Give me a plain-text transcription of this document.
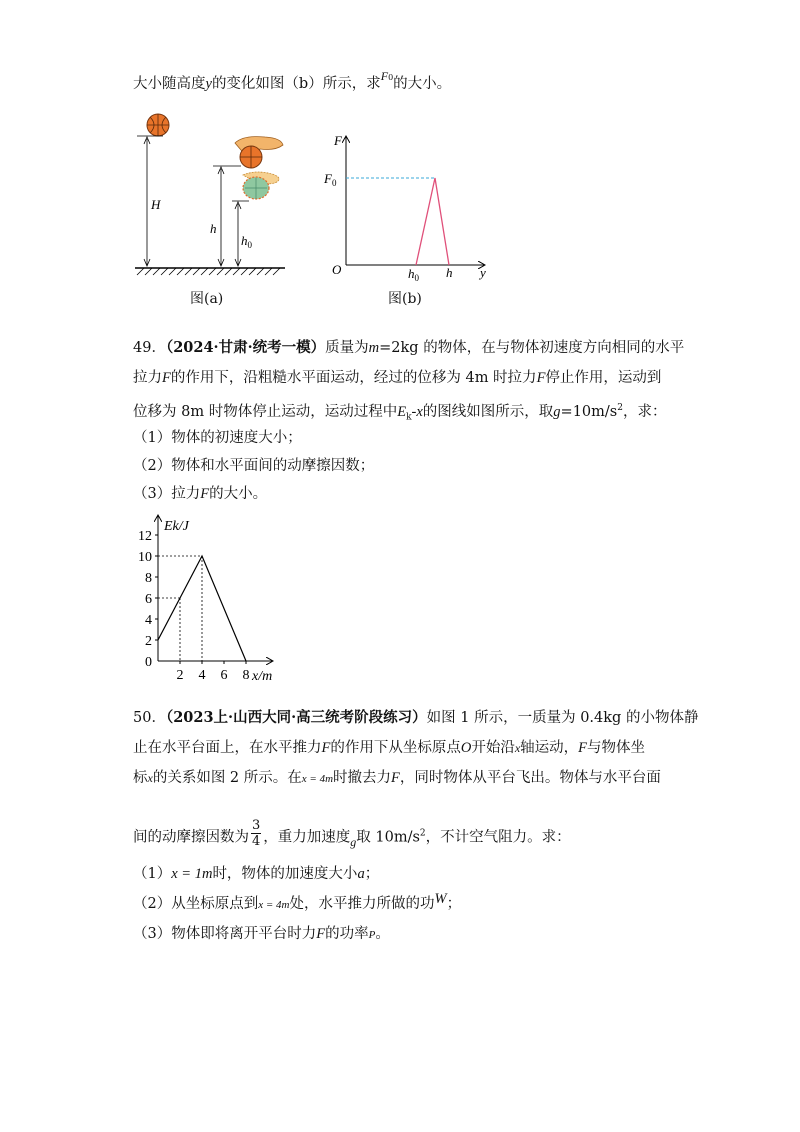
大小随高度y的变化如图（b）所示，求$^{F0}$的大小。
H
h
$h_0$
图(a)
F
y
O
$F_0$
$h_0$ h
图(b)
49．（2024·甘肃·统考一模）质量为m=2kg 的物体，在与物体初速度方向相同的水平
拉力F的作用下，沿粗糙水平面运动，经过的位移为 4m 时拉力F停止作用，运动到
位移为 8m 时物体停止运动，运动过程中$E_k-x$的图线如图所示，取$g=10m/s^2$，求：
（1）物体的初速度大小；
（2）物体和水平面间的动摩擦因数；
（3）拉力F的大小。
Ek/J
x/m
0
2
4
6
8
10
12
2 4 6 8
50．（2023上·山西大同·高三统考阶段练习）如图 1 所示，一质量为 0.4kg 的小物体静
止在水平台面上，在水平推力F的作用下从坐标原点O开始沿x轴运动，F与物体坐
标x的关系如图 2 所示。在x = 4m时撤去力F，同时物体从平台飞出。物体与水平台面
间的动摩擦因数为 $\frac{3}{4}$ ，重力加速度$_g$取 $10m/s^2$，不计空气阻力。求：
（1）x = 1m时，物体的加速度大小a；
（2）从坐标原点到x = 4m处，水平推力所做的功W；
（3）物体即将离开平台时力F的功率P。
